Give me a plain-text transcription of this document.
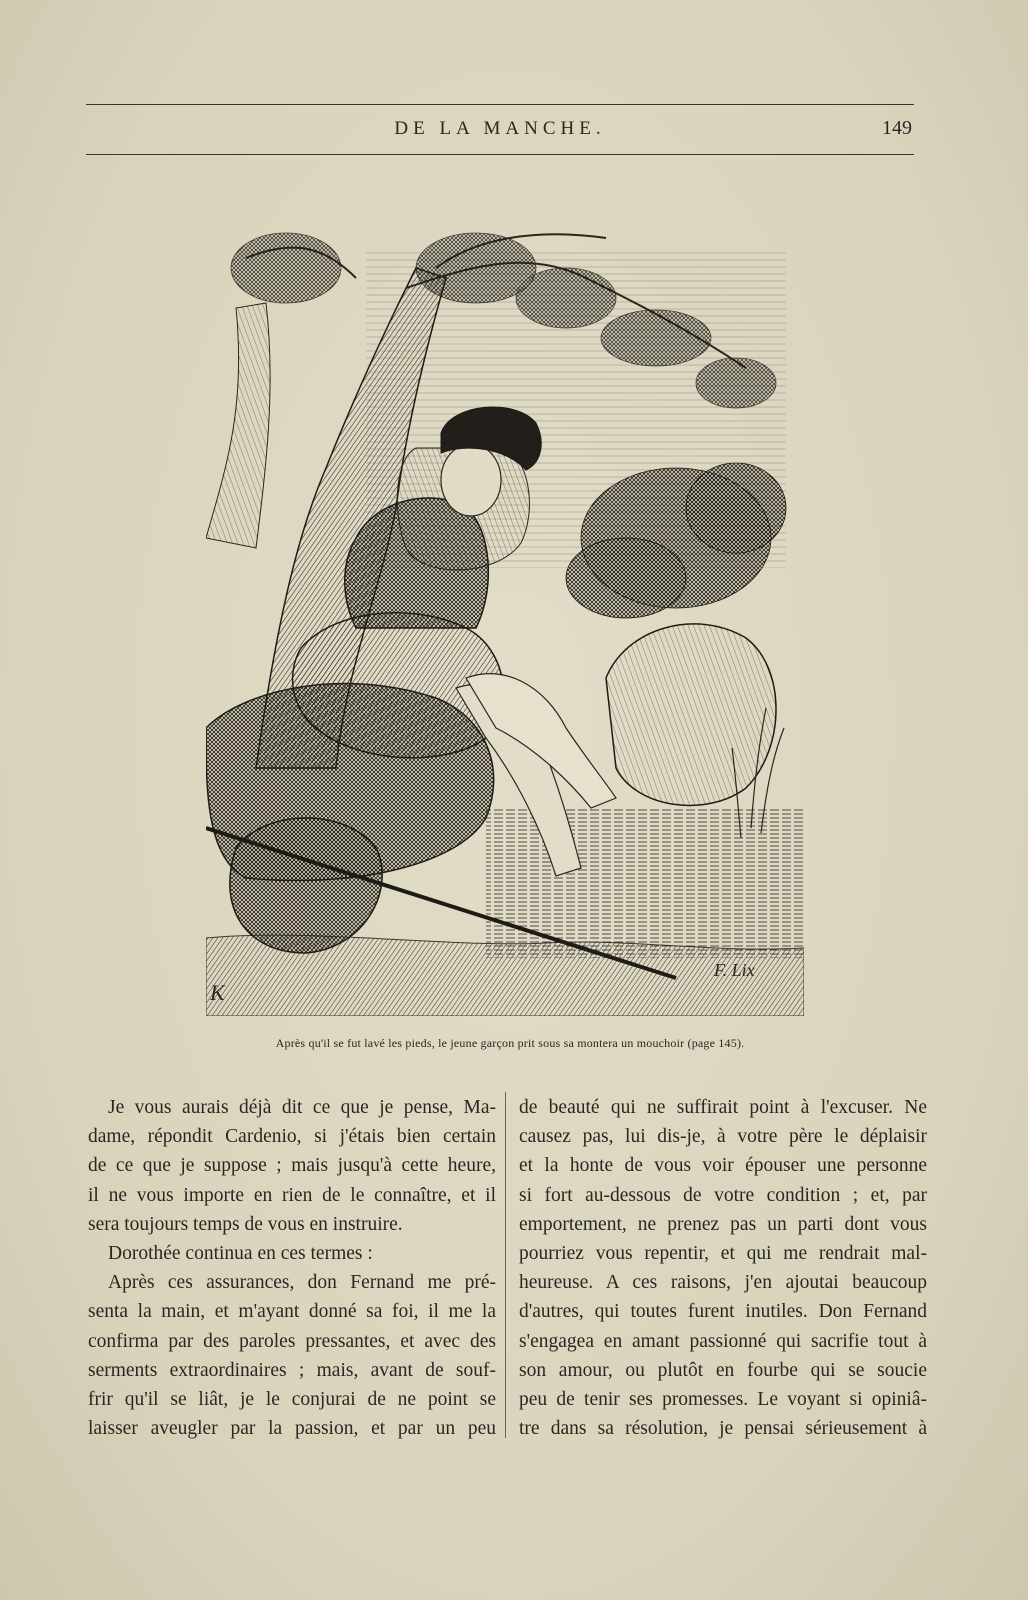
DE LA MANCHE.	149
K
F. Lix
Après qu'il se fut lavé les pieds, le jeune garçon prit sous sa montera un mouchoir (page 145).
Je vous aurais déjà dit ce que je pense, Ma-
dame, répondit Cardenio, si j'étais bien certain
de ce que je suppose ; mais jusqu'à cette heure,
il ne vous importe en rien de le connaître, et il
sera toujours temps de vous en instruire.
Dorothée continua en ces termes :
Après ces assurances, don Fernand me pré-
senta la main, et m'ayant donné sa foi, il me la
confirma par des paroles pressantes, et avec des
serments extraordinaires ; mais, avant de souf-
frir qu'il se liât, je le conjurai de ne point se
laisser aveugler par la passion, et par un peu
de beauté qui ne suffirait point à l'excuser. Ne
causez pas, lui dis-je, à votre père le déplaisir
et la honte de vous voir épouser une personne
si fort au-dessous de votre condition ; et, par
emportement, ne prenez pas un parti dont vous
pourriez vous repentir, et qui me rendrait mal-
heureuse. A ces raisons, j'en ajoutai beaucoup
d'autres, qui toutes furent inutiles. Don Fernand
s'engagea en amant passionné qui sacrifie tout à
son amour, ou plutôt en fourbe qui se soucie
peu de tenir ses promesses. Le voyant si opiniâ-
tre dans sa résolution, je pensai sérieusement à
